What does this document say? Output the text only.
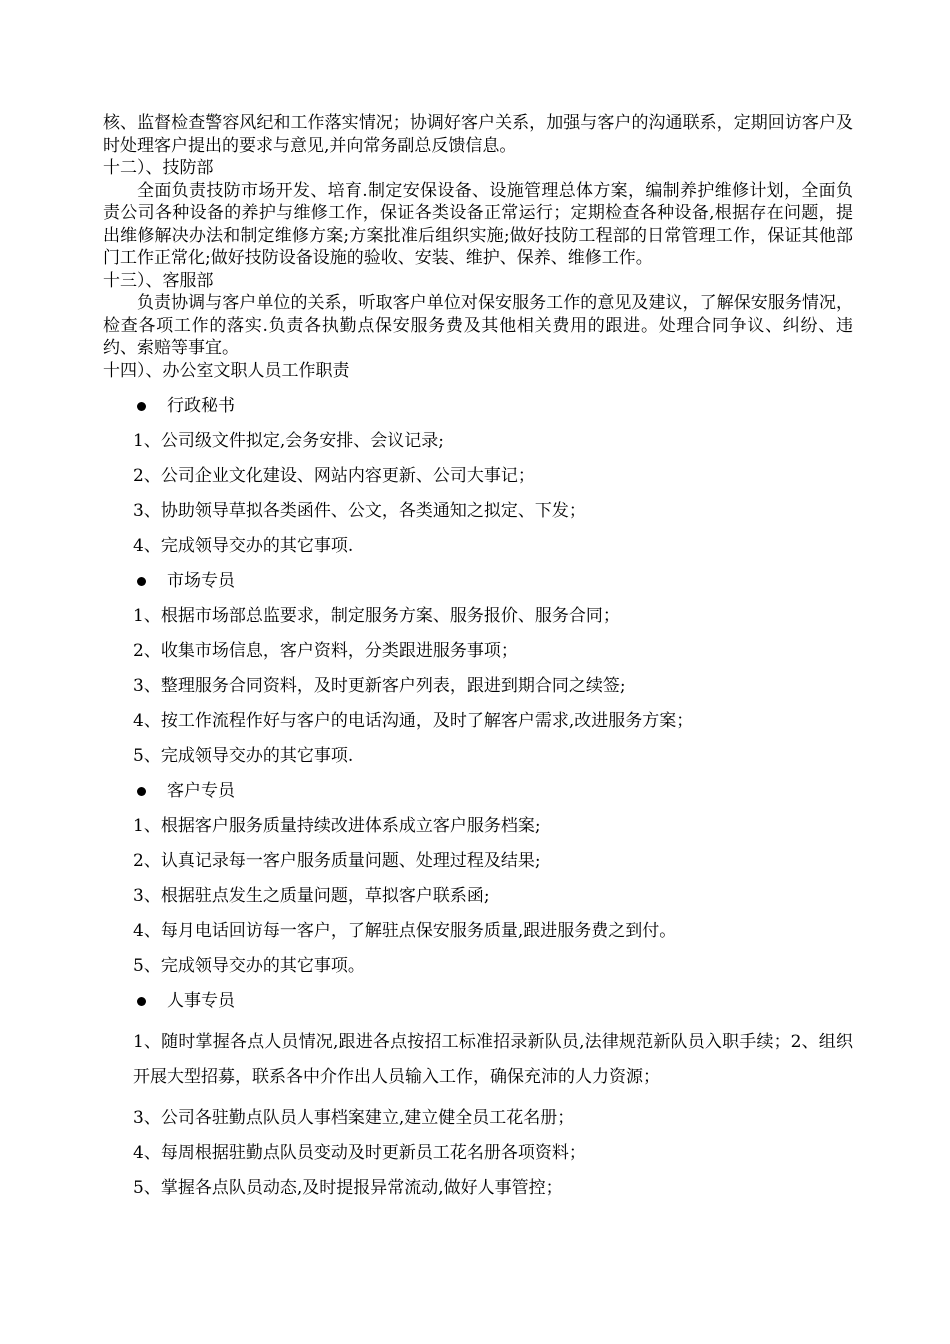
核、监督检查警容风纪和工作落实情况；协调好客户关系，加强与客户的沟通联系，定期回访客户及时处理客户提出的要求与意见,并向常务副总反馈信息。

十二）、技防部

全面负责技防市场开发、培育.制定安保设备、设施管理总体方案，编制养护维修计划，全面负责公司各种设备的养护与维修工作，保证各类设备正常运行；定期检查各种设备,根据存在问题，提出维修解决办法和制定维修方案;方案批准后组织实施;做好技防工程部的日常管理工作，保证其他部门工作正常化;做好技防设备设施的验收、安装、维护、保养、维修工作。

十三）、客服部

负责协调与客户单位的关系，听取客户单位对保安服务工作的意见及建议，了解保安服务情况，检查各项工作的落实.负责各执勤点保安服务费及其他相关费用的跟进。处理合同争议、纠纷、违约、索赔等事宜。

十四）、办公室文职人员工作职责

行政秘书

1、公司级文件拟定,会务安排、会议记录;

2、公司企业文化建设、网站内容更新、公司大事记；

3、协助领导草拟各类函件、公文，各类通知之拟定、下发；

4、完成领导交办的其它事项.

市场专员

1、根据市场部总监要求，制定服务方案、服务报价、服务合同；

2、收集市场信息，客户资料，分类跟进服务事项；

3、整理服务合同资料，及时更新客户列表，跟进到期合同之续签;

4、按工作流程作好与客户的电话沟通，及时了解客户需求,改进服务方案；

5、完成领导交办的其它事项.

客户专员

1、根据客户服务质量持续改进体系成立客户服务档案;

2、认真记录每一客户服务质量问题、处理过程及结果;

3、根据驻点发生之质量问题，草拟客户联系函;

4、每月电话回访每一客户，了解驻点保安服务质量,跟进服务费之到付。

5、完成领导交办的其它事项。

人事专员

1、随时掌握各点人员情况,跟进各点按招工标准招录新队员,法律规范新队员入职手续；2、组织开展大型招募，联系各中介作出人员输入工作，确保充沛的人力资源；

3、公司各驻勤点队员人事档案建立,建立健全员工花名册；

4、每周根据驻勤点队员变动及时更新员工花名册各项资料；

5、掌握各点队员动态,及时提报异常流动,做好人事管控；
